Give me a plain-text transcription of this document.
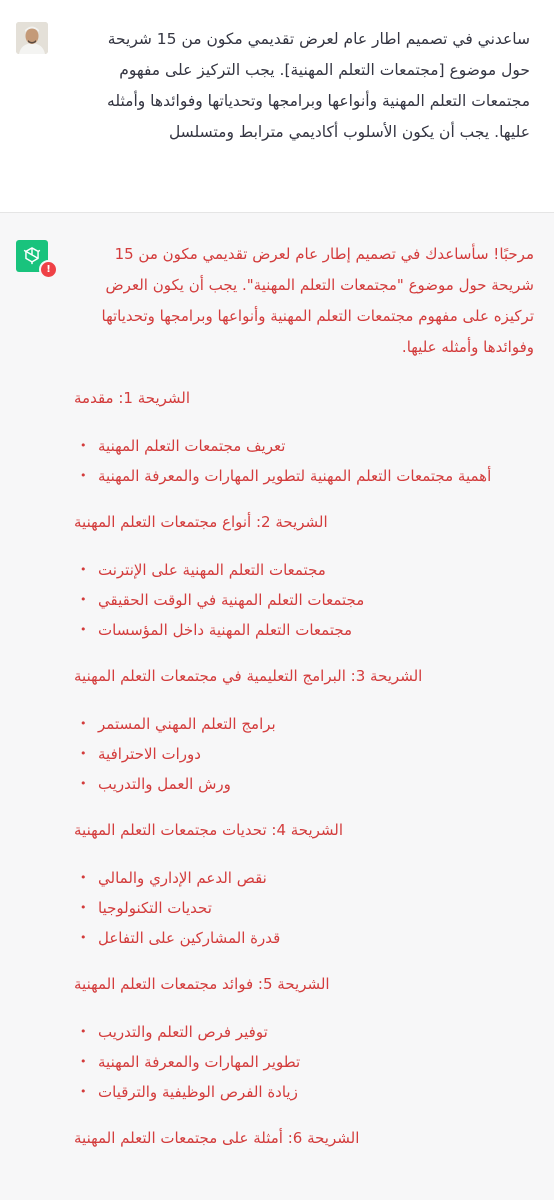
ساعدني في تصميم اطار عام لعرض تقديمي مكون من 15 شريحة حول موضوع [مجتمعات التعلم المهنية]. يجب التركيز على مفهوم مجتمعات التعلم المهنية وأنواعها وبرامجها وتحدياتها وفوائدها وأمثله عليها. يجب أن يكون الأسلوب أكاديمي مترابط ومتسلسل
!

مرحبًا! سأساعدك في تصميم إطار عام لعرض تقديمي مكون من 15 شريحة حول موضوع "مجتمعات التعلم المهنية". يجب أن يكون العرض تركيزه على مفهوم مجتمعات التعلم المهنية وأنواعها وبرامجها وتحدياتها وفوائدها وأمثله عليها.

الشريحة 1: مقدمة
• تعريف مجتمعات التعلم المهنية
• أهمية مجتمعات التعلم المهنية لتطوير المهارات والمعرفة المهنية
الشريحة 2: أنواع مجتمعات التعلم المهنية
• مجتمعات التعلم المهنية على الإنترنت
• مجتمعات التعلم المهنية في الوقت الحقيقي
• مجتمعات التعلم المهنية داخل المؤسسات
الشريحة 3: البرامج التعليمية في مجتمعات التعلم المهنية
• برامج التعلم المهني المستمر
• دورات الاحترافية
• ورش العمل والتدريب
الشريحة 4: تحديات مجتمعات التعلم المهنية
• نقص الدعم الإداري والمالي
• تحديات التكنولوجيا
• قدرة المشاركين على التفاعل
الشريحة 5: فوائد مجتمعات التعلم المهنية
• توفير فرص التعلم والتدريب
• تطوير المهارات والمعرفة المهنية
• زيادة الفرص الوظيفية والترقيات
الشريحة 6: أمثلة على مجتمعات التعلم المهنية
